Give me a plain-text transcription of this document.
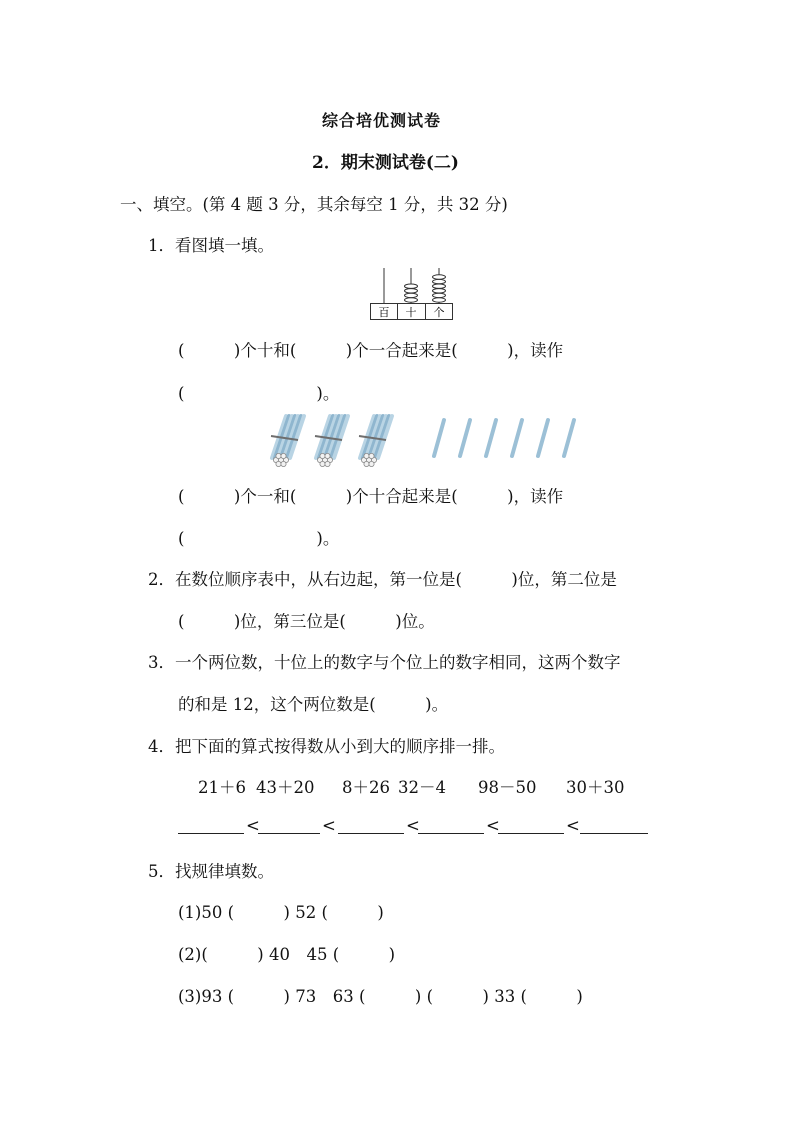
综合培优测试卷
2．期末测试卷(二)
一、填空。(第 4 题 3 分，其余每空 1 分，共 32 分)
1．看图填一填。
百 十 个
(　　　)个十和(　　　)个一合起来是(　　　)，读作
(　　　　　　　　)。
(　　　)个一和(　　　)个十合起来是(　　　)，读作
(　　　　　　　　)。
2．在数位顺序表中，从右边起，第一位是(　　　)位，第二位是
(　　　)位，第三位是(　　　)位。
3．一个两位数，十位上的数字与个位上的数字相同，这两个数字
的和是 12，这个两位数是(　　　)。
4．把下面的算式按得数从小到大的顺序排一排。
21＋6 43＋20 8＋26 32－4 98－50 30＋30
<	<	<	<	<
5．找规律填数。
(1)50 (　　　) 52 (　　　)
(2)(　　　) 40　45 (　　　)
(3)93 (　　　) 73　63 (　　　) (　　　) 33 (　　　)
